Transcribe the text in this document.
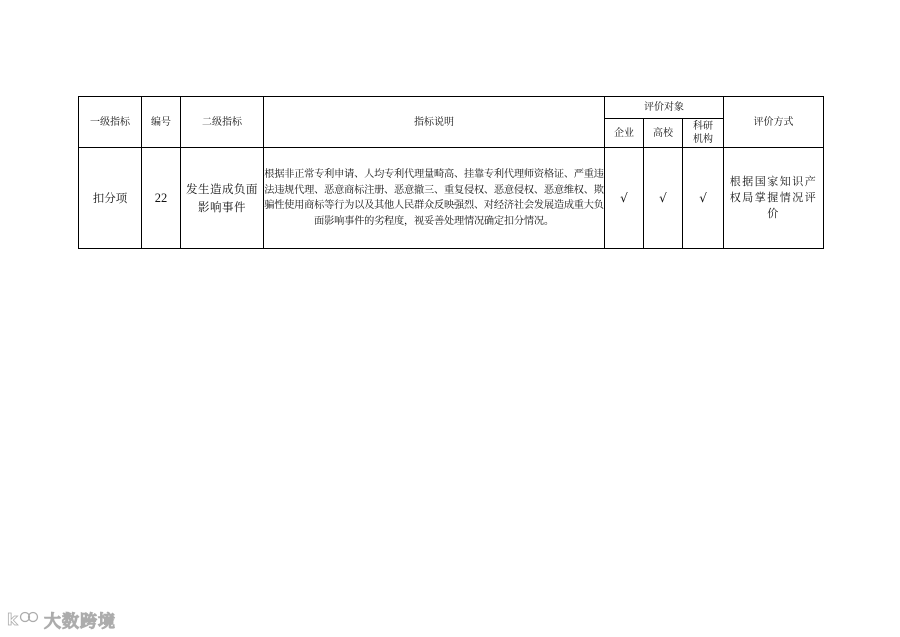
一级指标	编号	二级指标	指标说明	评价对象			评价方式
				企业	高校	科研机构	
扣分项	22	发生造成负面影响事件	根据非正常专利申请、人均专利代理量畸高、挂靠专利代理师资格证、严重违法违规代理、恶意商标注册、恶意撤三、重复侵权、恶意侵权、恶意维权、欺骗性使用商标等行为以及其他人民群众反映强烈、对经济社会发展造成重大负面影响事件的劣程度，视妥善处理情况确定扣分情况。	√	√	√	根据国家知识产权局掌握情况评价
k 大数跨境
